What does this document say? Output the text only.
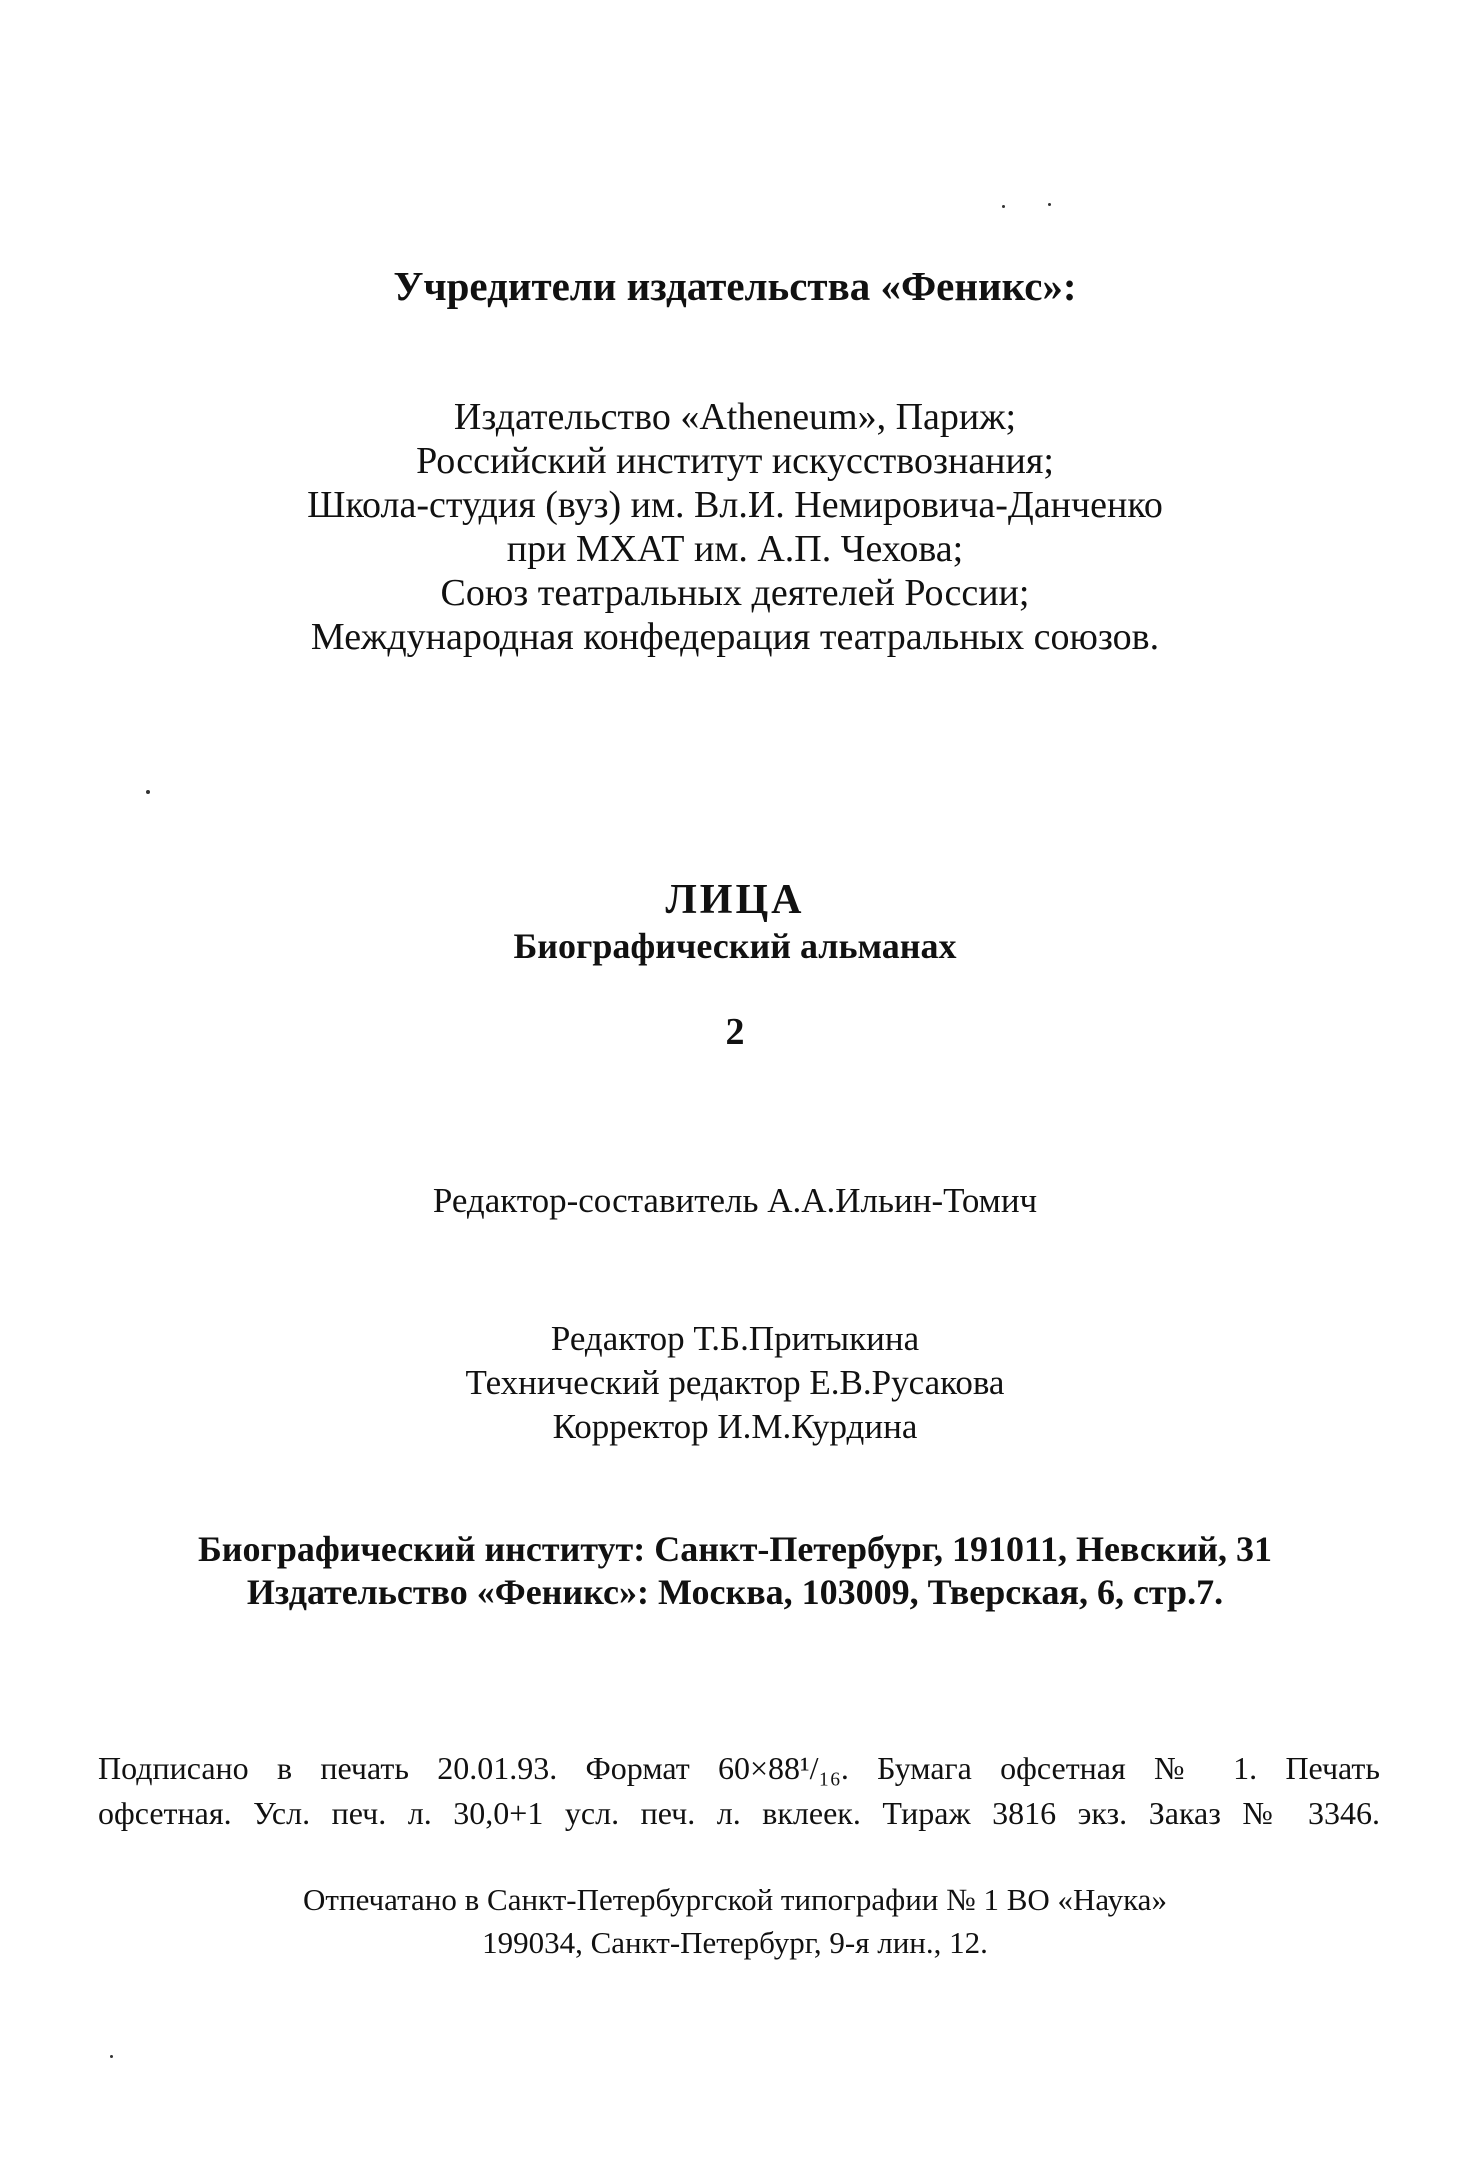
Учредители издательства «Феникс»:
Издательство «Atheneum», Париж;
Российский институт искусствознания;
Школа-студия (вуз) им. Вл.И. Немировича-Данченко
при МХАТ им. А.П. Чехова;
Союз театральных деятелей России;
Международная конфедерация театральных союзов.
ЛИЦА
Биографический альманах
2
Редактор-составитель А.А.Ильин-Томич
Редактор Т.Б.Притыкина
Технический редактор Е.В.Русакова
Корректор И.М.Курдина
Биографический институт: Санкт-Петербург, 191011, Невский, 31
Издательство «Феникс»: Москва, 103009, Тверская, 6, стр.7.
Подписано в печать 20.01.93. Формат 60×88¹/₁₆. Бумага офсетная № 1. Печать
офсетная. Усл. печ. л. 30,0+1 усл. печ. л. вклеек. Тираж 3816 экз. Заказ № 3346.
Отпечатано в Санкт-Петербургской типографии № 1 ВО «Наука»
199034, Санкт-Петербург, 9-я лин., 12.
